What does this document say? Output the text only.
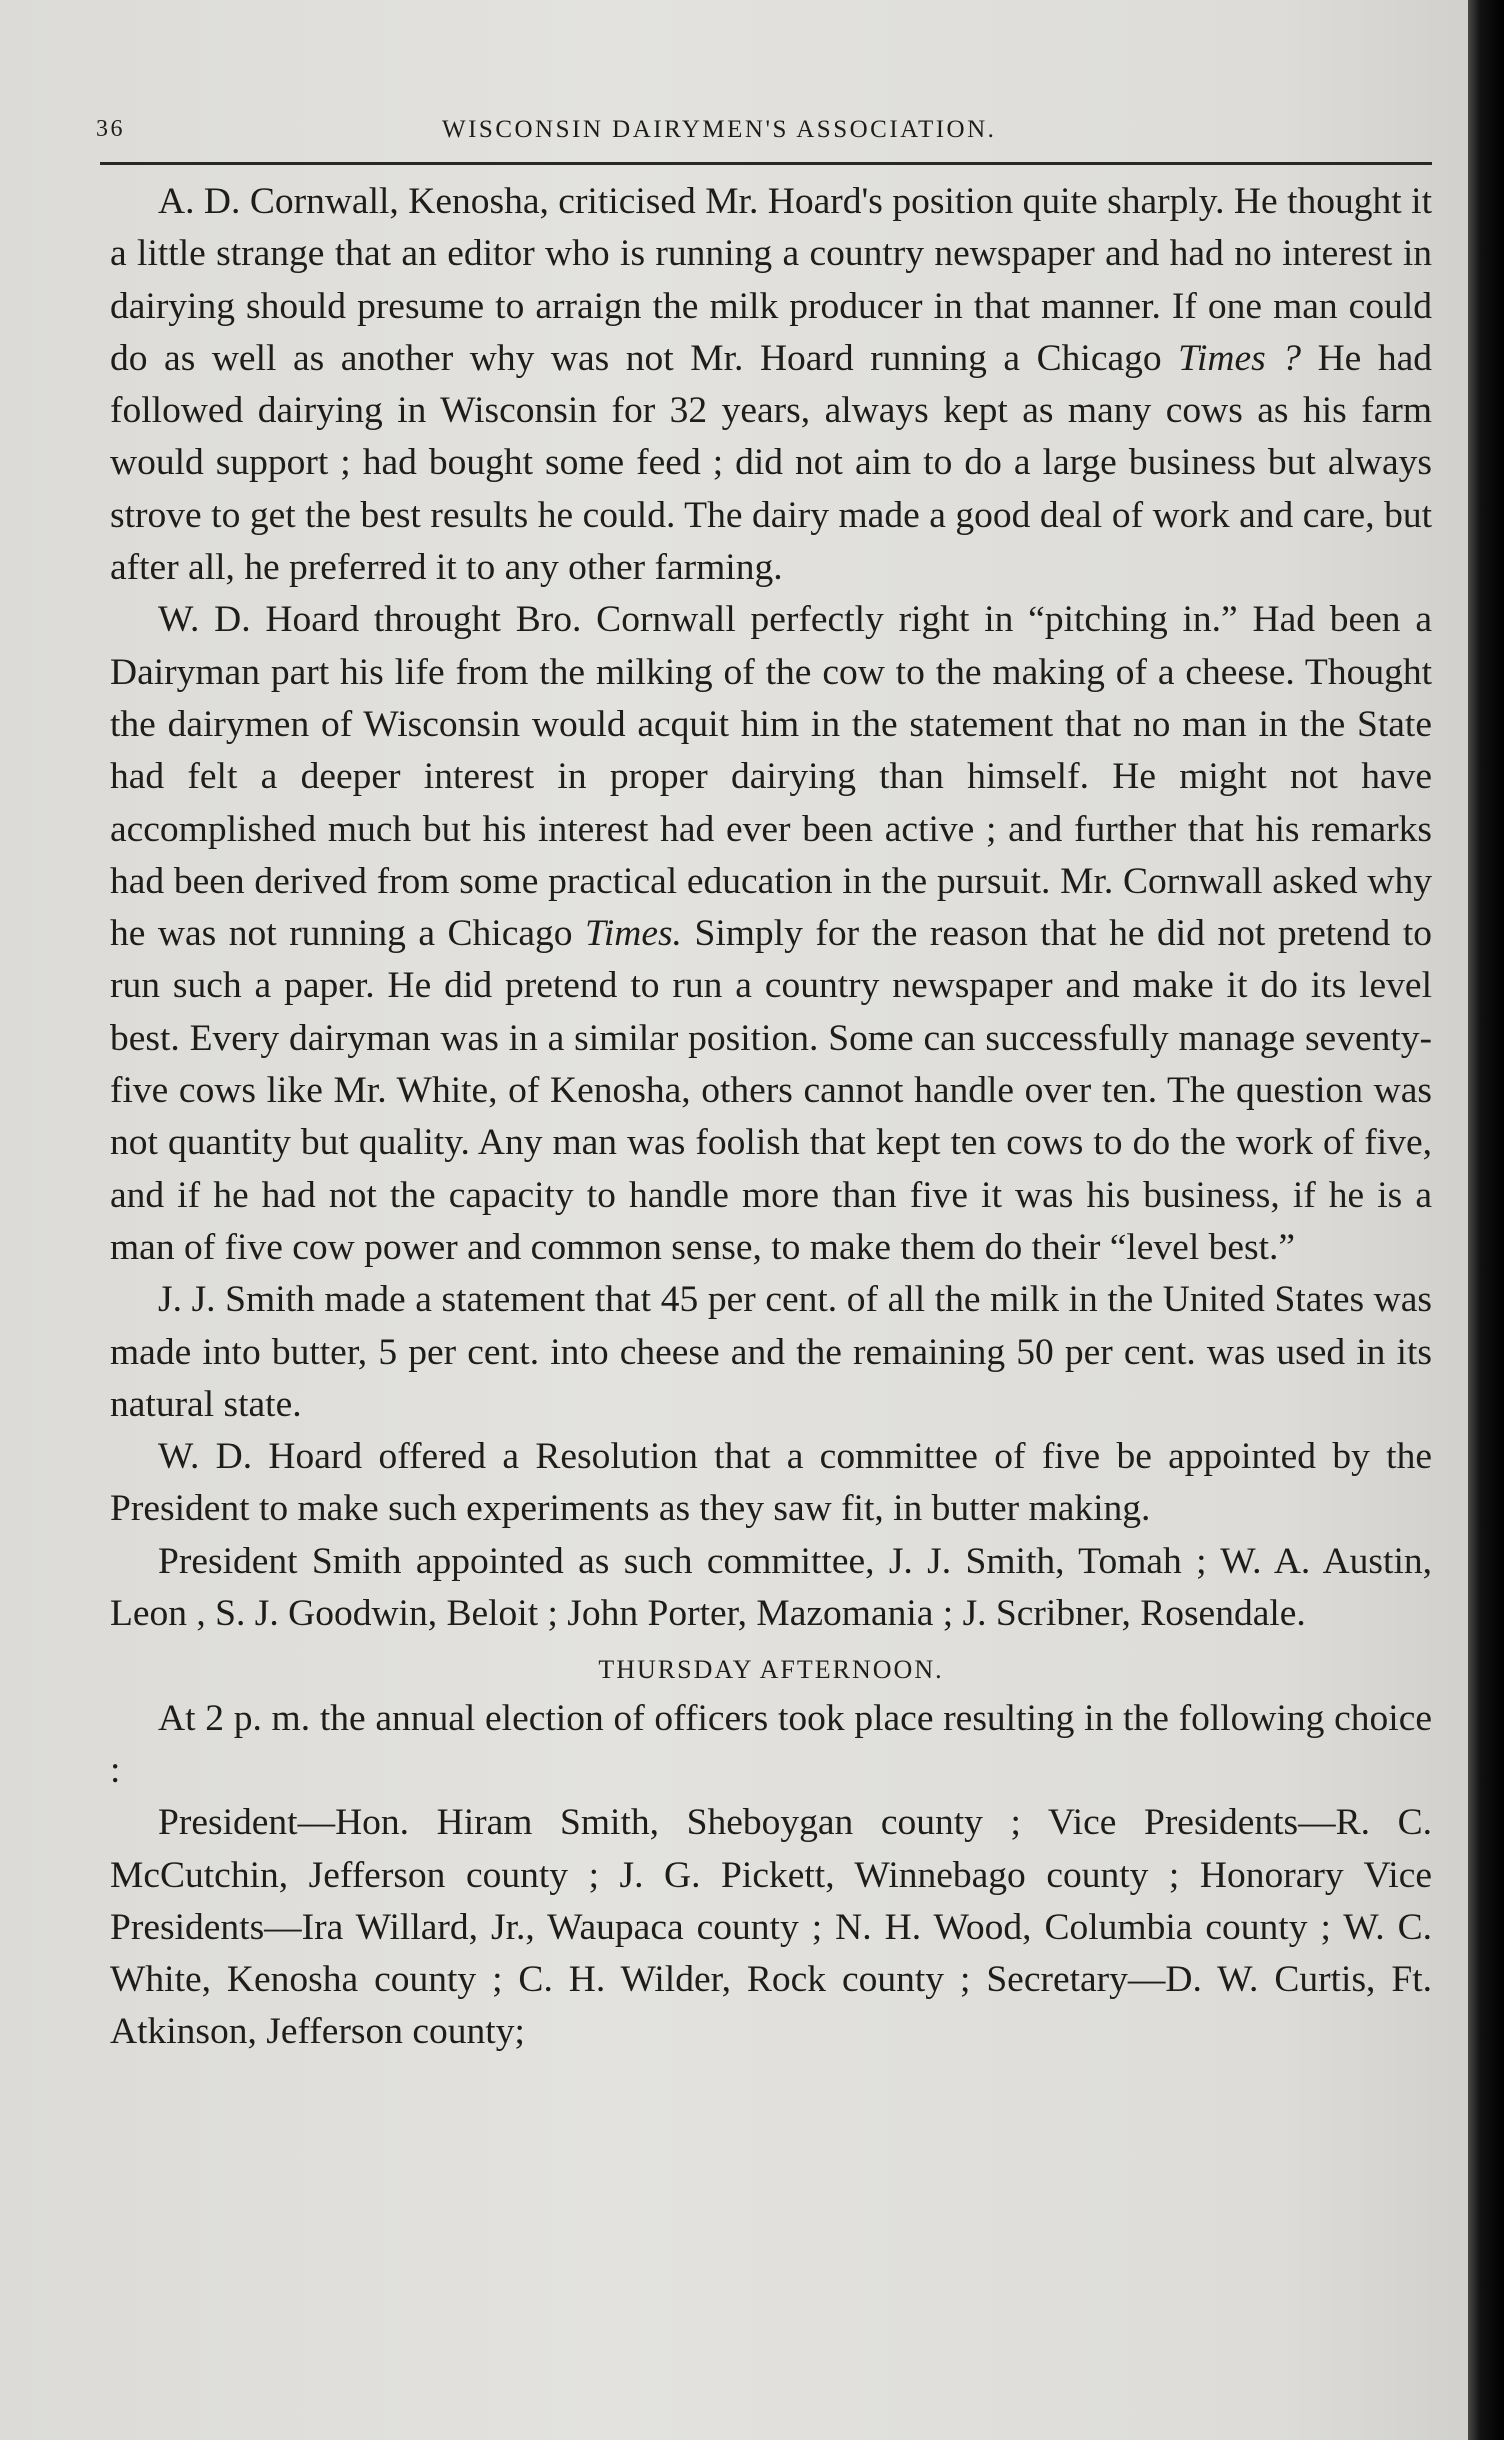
36	WISCONSIN DAIRYMEN'S ASSOCIATION.

A. D. Cornwall, Kenosha, criticised Mr. Hoard's position quite sharply. He thought it a little strange that an editor who is running a country newspaper and had no interest in dairying should presume to arraign the milk producer in that manner. If one man could do as well as another why was not Mr. Hoard running a Chicago Times ? He had followed dairying in Wisconsin for 32 years, always kept as many cows as his farm would support ; had bought some feed ; did not aim to do a large business but always strove to get the best results he could. The dairy made a good deal of work and care, but after all, he preferred it to any other farming.

W. D. Hoard throught Bro. Cornwall perfectly right in “pitching in.” Had been a Dairyman part his life from the milking of the cow to the making of a cheese. Thought the dairymen of Wisconsin would acquit him in the statement that no man in the State had felt a deeper interest in proper dairying than himself. He might not have accomplished much but his interest had ever been active ; and further that his remarks had been derived from some practical education in the pursuit. Mr. Cornwall asked why he was not running a Chicago Times. Simply for the reason that he did not pretend to run such a paper. He did pretend to run a country newspaper and make it do its level best. Every dairyman was in a similar position. Some can successfully manage seventy-five cows like Mr. White, of Kenosha, others cannot handle over ten. The question was not quantity but quality. Any man was foolish that kept ten cows to do the work of five, and if he had not the capacity to handle more than five it was his business, if he is a man of five cow power and common sense, to make them do their “level best.”

J. J. Smith made a statement that 45 per cent. of all the milk in the United States was made into butter, 5 per cent. into cheese and the remaining 50 per cent. was used in its natural state.

W. D. Hoard offered a Resolution that a committee of five be appointed by the President to make such experiments as they saw fit, in butter making.

President Smith appointed as such committee, J. J. Smith, Tomah ; W. A. Austin, Leon , S. J. Goodwin, Beloit ; John Porter, Mazomania ; J. Scribner, Rosendale.

THURSDAY AFTERNOON.

At 2 p. m. the annual election of officers took place resulting in the following choice :

President—Hon. Hiram Smith, Sheboygan county ; Vice Presidents—R. C. McCutchin, Jefferson county ; J. G. Pickett, Winnebago county ; Honorary Vice Presidents—Ira Willard, Jr., Waupaca county ; N. H. Wood, Columbia county ; W. C. White, Kenosha county ; C. H. Wilder, Rock county ; Secretary—D. W. Curtis, Ft. Atkinson, Jefferson county;
